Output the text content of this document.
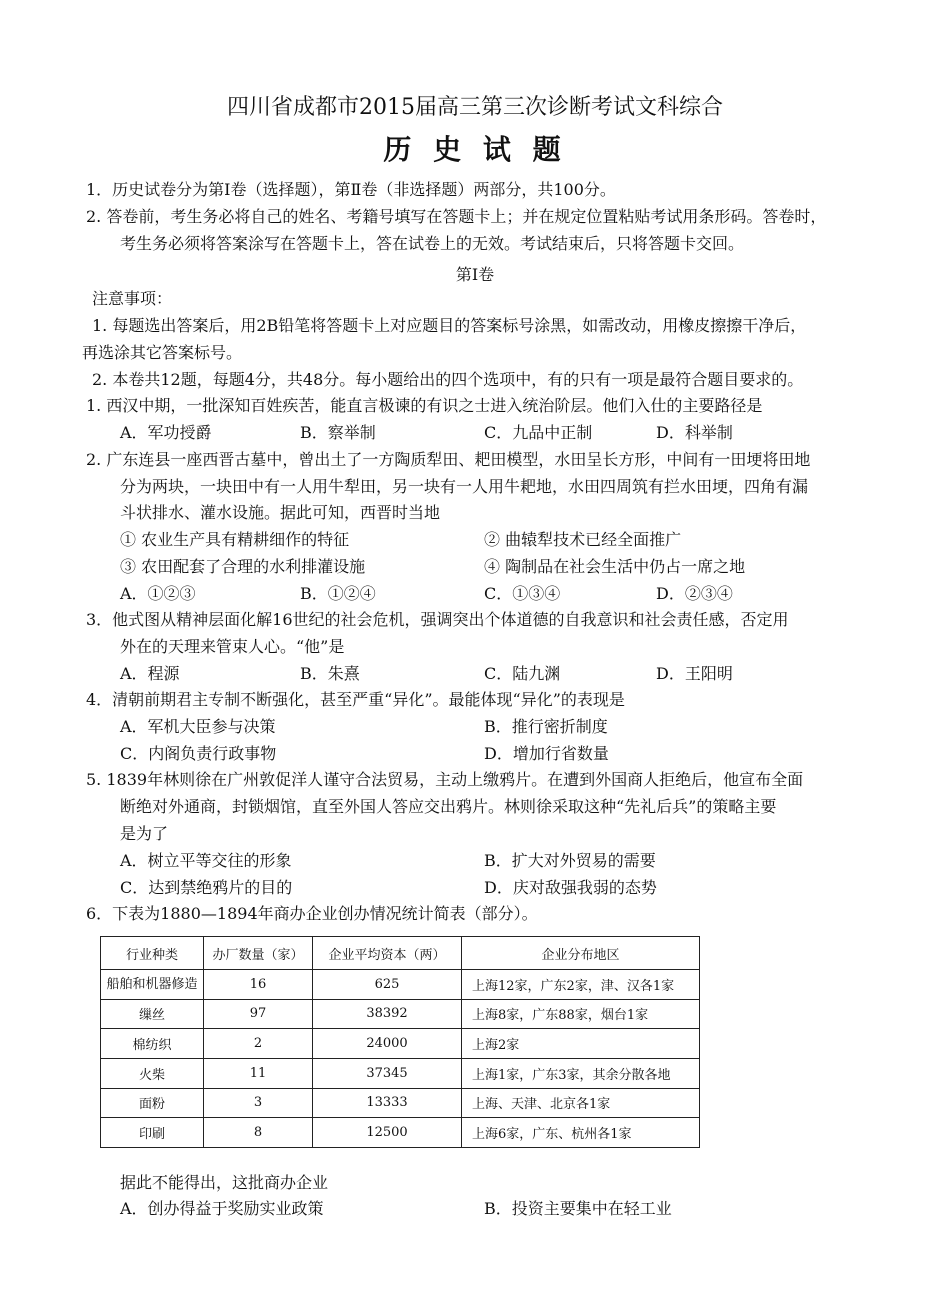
四川省成都市2015届高三第三次诊断考试文科综合
历 史 试 题
1．历史试卷分为第Ⅰ卷（选择题），第Ⅱ卷（非选择题）两部分，共100分。
2. 答卷前，考生务必将自己的姓名、考籍号填写在答题卡上；并在规定位置粘贴考试用条形码。答卷时，
考生务必须将答案涂写在答题卡上，答在试卷上的无效。考试结束后，只将答题卡交回。
第Ⅰ卷
注意事项：
1. 每题选出答案后，用2B铅笔将答题卡上对应题目的答案标号涂黑，如需改动，用橡皮擦擦干净后，
再选涂其它答案标号。
2. 本卷共12题，每题4分，共48分。每小题给出的四个选项中，有的只有一项是最符合题目要求的。
1. 西汉中期，一批深知百姓疾苦，能直言极谏的有识之士进入统治阶层。他们入仕的主要路径是
A．军功授爵	B．察举制	C．九品中正制	D．科举制
2. 广东连县一座西晋古墓中，曾出土了一方陶质犁田、耙田模型，水田呈长方形，中间有一田埂将田地
分为两块，一块田中有一人用牛犁田，另一块有一人用牛耙地，水田四周筑有拦水田埂，四角有漏
斗状排水、灌水设施。据此可知，西晋时当地
① 农业生产具有精耕细作的特征	② 曲辕犁技术已经全面推广
③ 农田配套了合理的水利排灌设施	④ 陶制品在社会生活中仍占一席之地
A．①②③	B．①②④	C．①③④	D．②③④
3．他式图从精神层面化解16世纪的社会危机，强调突出个体道德的自我意识和社会责任感，否定用
外在的天理来管束人心。“他”是
A．程源	B．朱熹	C．陆九渊	D．王阳明
4．清朝前期君主专制不断强化，甚至严重“异化”。最能体现“异化”的表现是
A．军机大臣参与决策	B．推行密折制度
C．内阁负责行政事物	D．增加行省数量
5. 1839年林则徐在广州敦促洋人谨守合法贸易，主动上缴鸦片。在遭到外国商人拒绝后，他宣布全面
断绝对外通商，封锁烟馆，直至外国人答应交出鸦片。林则徐采取这种“先礼后兵”的策略主要
是为了
A．树立平等交往的形象	B．扩大对外贸易的需要
C．达到禁绝鸦片的目的	D．庆对敌强我弱的态势
6．下表为1880—1894年商办企业创办情况统计简表（部分）。
行业种类	办厂数量（家）	企业平均资本（两）	企业分布地区
船舶和机器修造	16	625	上海12家，广东2家，津、汉各1家
缫丝	97	38392	上海8家，广东88家，烟台1家
棉纺织	2	24000	上海2家
火柴	11	37345	上海1家，广东3家，其余分散各地
面粉	3	13333	上海、天津、北京各1家
印刷	8	12500	上海6家，广东、杭州各1家
据此不能得出，这批商办企业
A．创办得益于奖励实业政策	B．投资主要集中在轻工业
